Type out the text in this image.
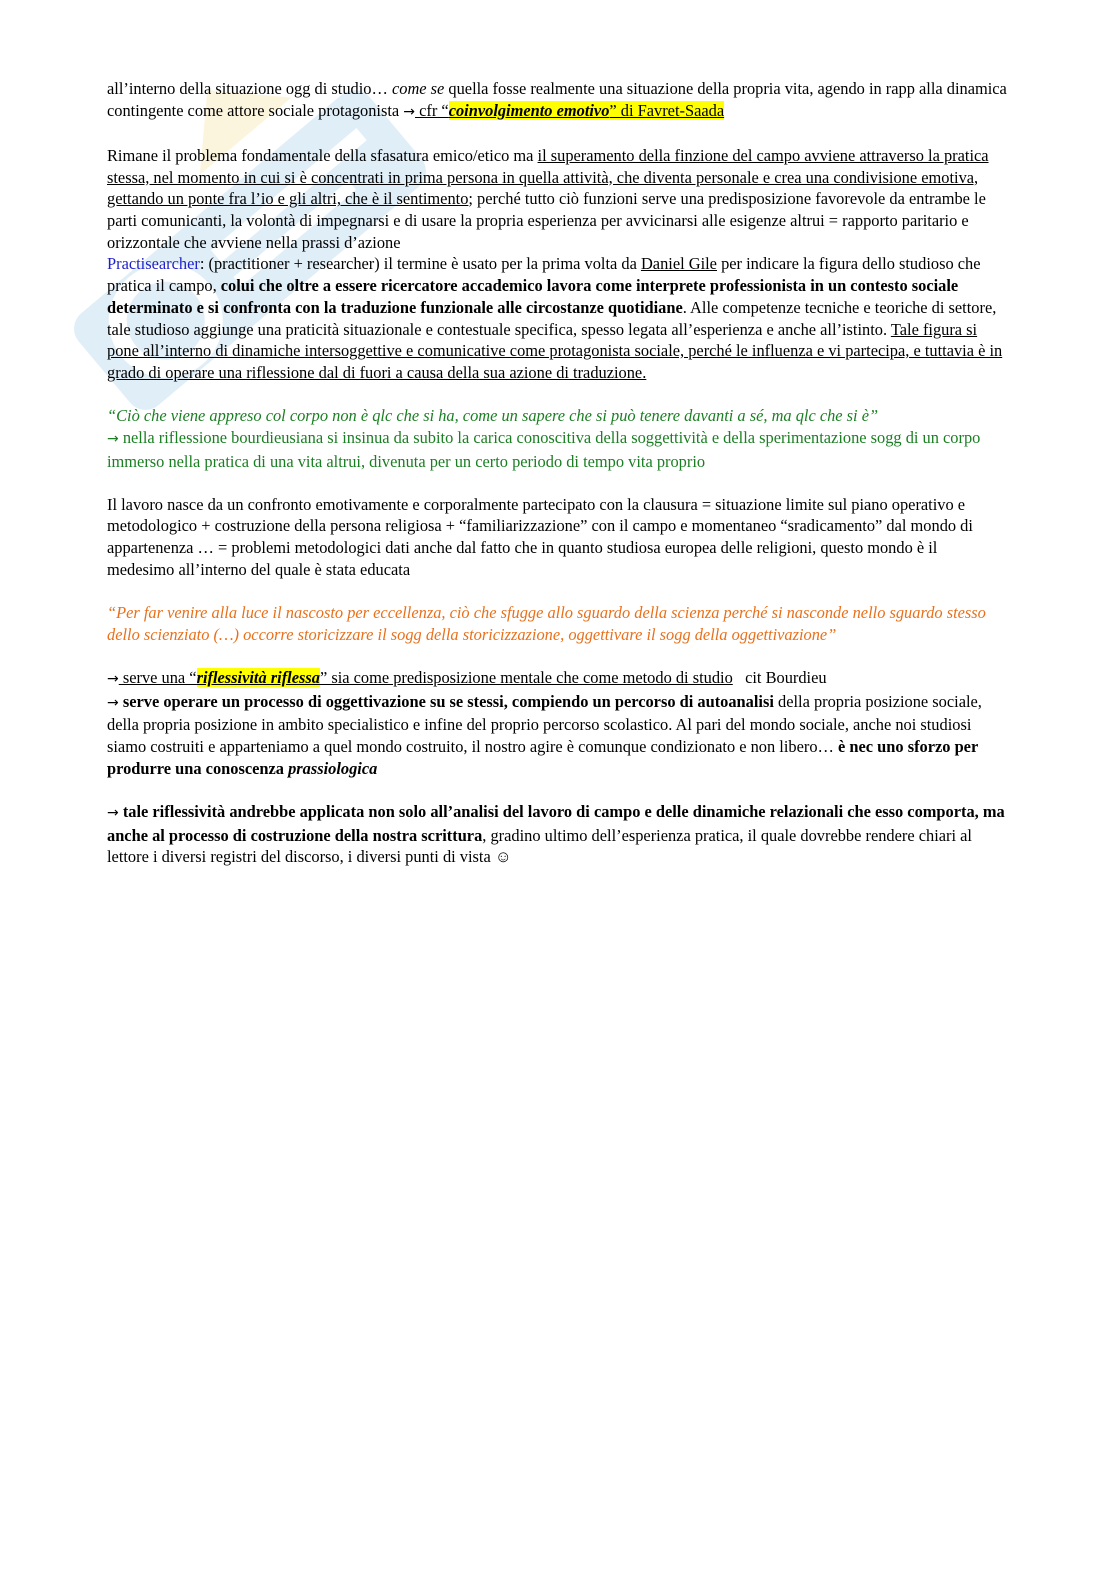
all’interno della situazione ogg di studio… come se quella fosse realmente una situazione della propria vita, agendo in rapp alla dinamica contingente come attore sociale protagonista → cfr “coinvolgimento emotivo” di Favret-Saada

Rimane il problema fondamentale della sfasatura emico/etico ma il superamento della finzione del campo avviene attraverso la pratica stessa, nel momento in cui si è concentrati in prima persona in quella attività, che diventa personale e crea una condivisione emotiva, gettando un ponte fra l’io e gli altri, che è il sentimento; perché tutto ciò funzioni serve una predisposizione favorevole da entrambe le parti comunicanti, la volontà di impegnarsi e di usare la propria esperienza per avvicinarsi alle esigenze altrui = rapporto paritario e orizzontale che avviene nella prassi d’azione
Practisearcher: (practitioner + researcher) il termine è usato per la prima volta da Daniel Gile per indicare la figura dello studioso che pratica il campo, colui che oltre a essere ricercatore accademico lavora come interprete professionista in un contesto sociale determinato e si confronta con la traduzione funzionale alle circostanze quotidiane. Alle competenze tecniche e teoriche di settore, tale studioso aggiunge una praticità situazionale e contestuale specifica, spesso legata all’esperienza e anche all’istinto. Tale figura si pone all’interno di dinamiche intersoggettive e comunicative come protagonista sociale, perché le influenza e vi partecipa, e tuttavia è in grado di operare una riflessione dal di fuori a causa della sua azione di traduzione.

“Ciò che viene appreso col corpo non è qlc che si ha, come un sapere che si può tenere davanti a sé, ma qlc che si è”
→ nella riflessione bourdieusiana si insinua da subito la carica conoscitiva della soggettività e della sperimentazione sogg di un corpo immerso nella pratica di una vita altrui, divenuta per un certo periodo di tempo vita proprio

Il lavoro nasce da un confronto emotivamente e corporalmente partecipato con la clausura = situazione limite sul piano operativo e metodologico + costruzione della persona religiosa + “familiarizzazione” con il campo e momentaneo “sradicamento” dal mondo di appartenenza … = problemi metodologici dati anche dal fatto che in quanto studiosa europea delle religioni, questo mondo è il medesimo all’interno del quale è stata educata

“Per far venire alla luce il nascosto per eccellenza, ciò che sfugge allo sguardo della scienza perché si nasconde nello sguardo stesso dello scienziato (…) occorre storicizzare il sogg della storicizzazione, oggettivare il sogg della oggettivazione”

→ serve una “riflessività riflessa” sia come predisposizione mentale che come metodo di studio   cit Bourdieu
→ serve operare un processo di oggettivazione su se stessi, compiendo un percorso di autoanalisi della propria posizione sociale, della propria posizione in ambito specialistico e infine del proprio percorso scolastico. Al pari del mondo sociale, anche noi studiosi siamo costruiti e apparteniamo a quel mondo costruito, il nostro agire è comunque condizionato e non libero… è nec uno sforzo per produrre una conoscenza prassiologica

→ tale riflessività andrebbe applicata non solo all’analisi del lavoro di campo e delle dinamiche relazionali che esso comporta, ma anche al processo di costruzione della nostra scrittura, gradino ultimo dell’esperienza pratica, il quale dovrebbe rendere chiari al lettore i diversi registri del discorso, i diversi punti di vista ☺
